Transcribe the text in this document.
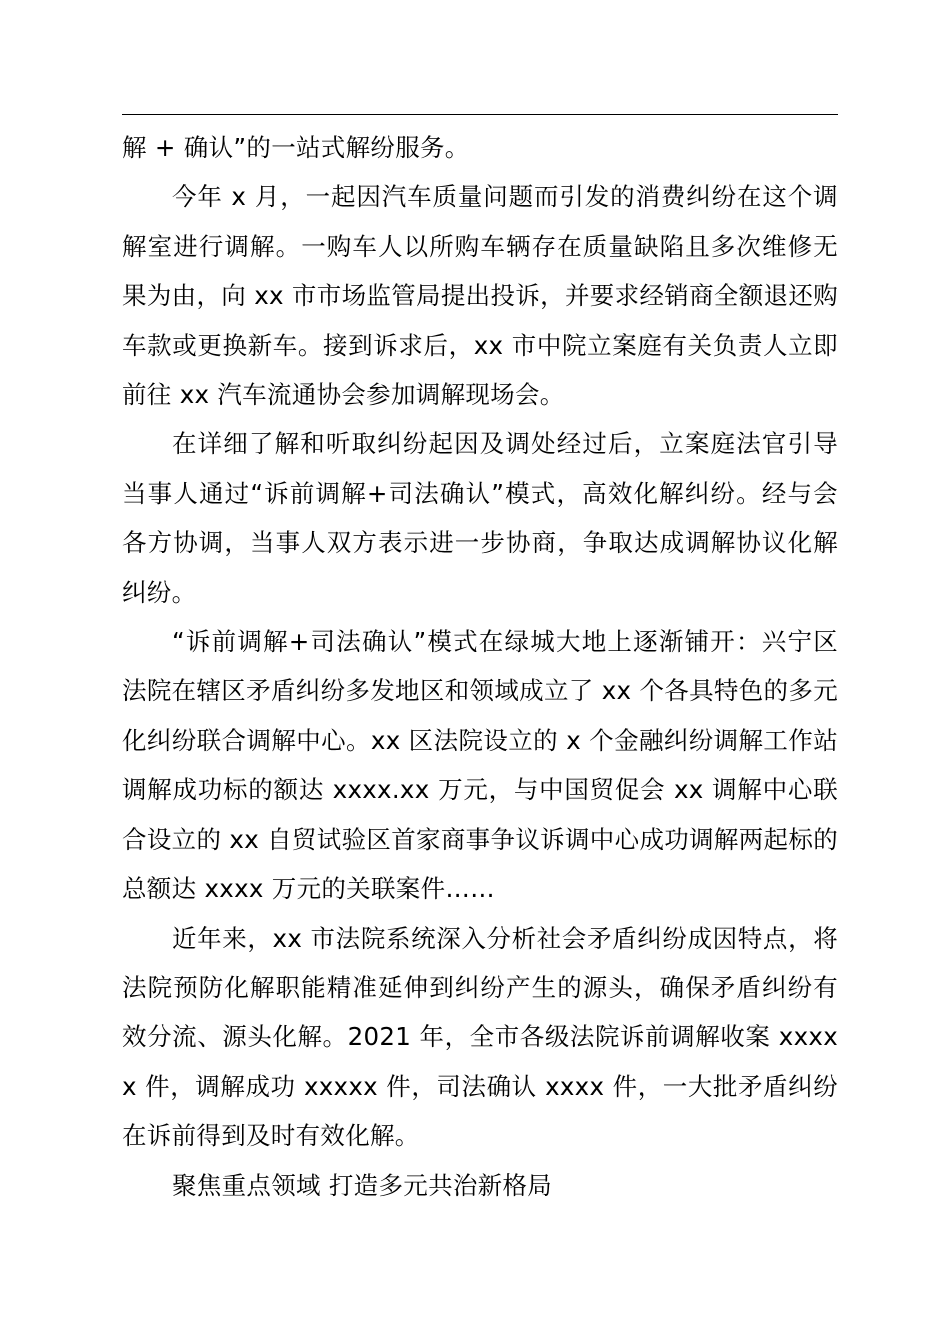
解 + 确认”的一站式解纷服务。

今年 x 月，一起因汽车质量问题而引发的消费纠纷在这个调解室进行调解。一购车人以所购车辆存在质量缺陷且多次维修无果为由，向 xx 市市场监管局提出投诉，并要求经销商全额退还购车款或更换新车。接到诉求后，xx 市中院立案庭有关负责人立即前往 xx 汽车流通协会参加调解现场会。

在详细了解和听取纠纷起因及调处经过后，立案庭法官引导当事人通过“诉前调解+司法确认”模式，高效化解纠纷。经与会各方协调，当事人双方表示进一步协商，争取达成调解协议化解纠纷。

“诉前调解+司法确认”模式在绿城大地上逐渐铺开：兴宁区法院在辖区矛盾纠纷多发地区和领域成立了 xx 个各具特色的多元化纠纷联合调解中心。xx 区法院设立的 x 个金融纠纷调解工作站调解成功标的额达 xxxx.xx 万元，与中国贸促会 xx 调解中心联合设立的 xx 自贸试验区首家商事争议诉调中心成功调解两起标的总额达 xxxx 万元的关联案件……

近年来，xx 市法院系统深入分析社会矛盾纠纷成因特点，将法院预防化解职能精准延伸到纠纷产生的源头，确保矛盾纠纷有效分流、源头化解。2021 年，全市各级法院诉前调解收案 xxxxx 件，调解成功 xxxxx 件，司法确认 xxxx 件，一大批矛盾纠纷在诉前得到及时有效化解。

聚焦重点领域 打造多元共治新格局
